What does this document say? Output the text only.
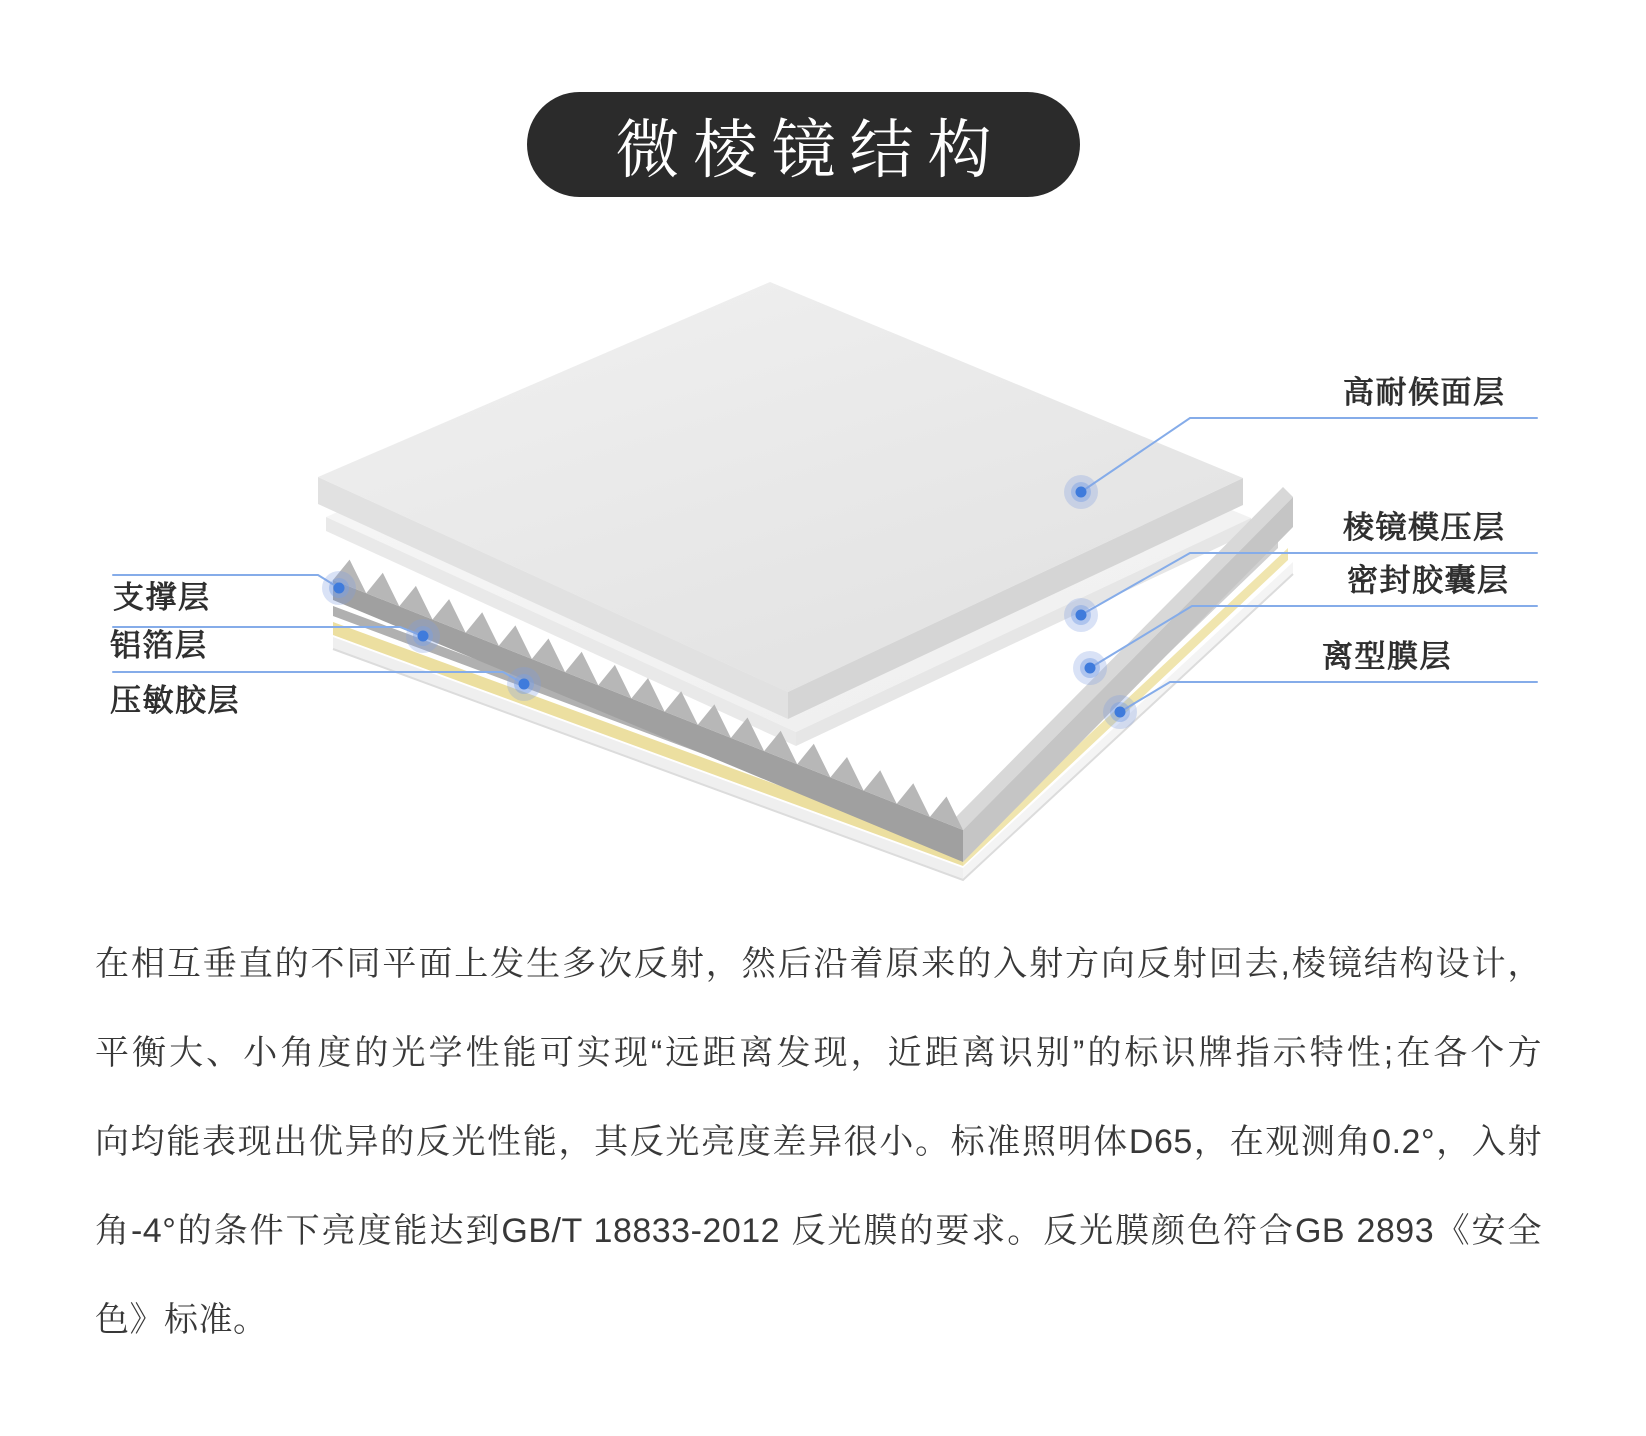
微棱镜结构
高耐候面层
棱镜模压层
密封胶囊层
离型膜层
支撑层
铝箔层
压敏胶层
在相互垂直的不同平面上发生多次反射，然后沿着原来的入射方向反射回去,棱镜结构设计，
平衡大、小角度的光学性能可实现“远距离发现，近距离识别”的标识牌指示特性;在各个方
向均能表现出优异的反光性能，其反光亮度差异很小。标准照明体D65，在观测角0.2°，入射
角-4°的条件下亮度能达到GB/T 18833-2012 反光膜的要求。反光膜颜色符合GB 2893《安全
色》标准。
